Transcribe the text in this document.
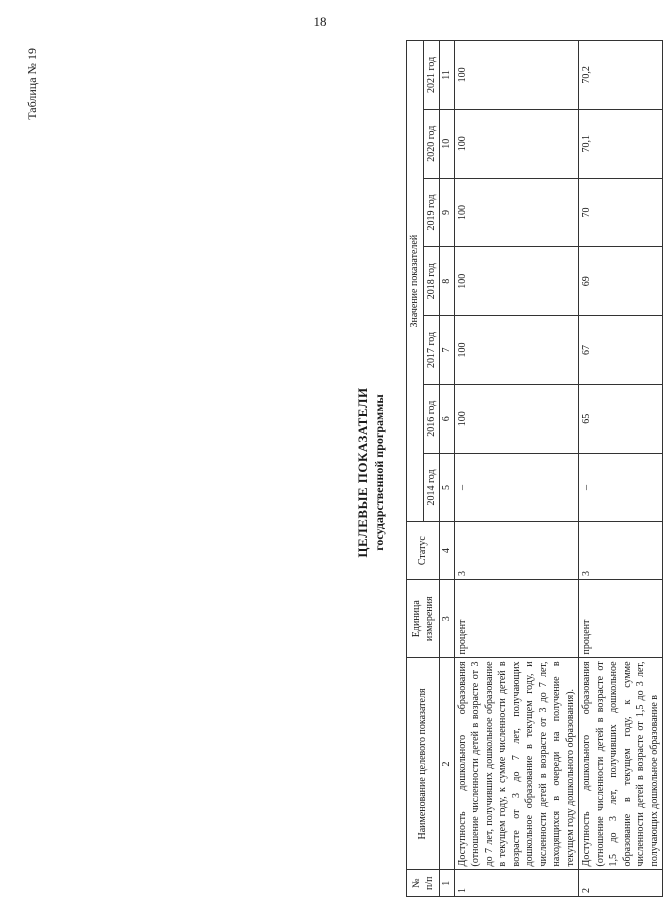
18
Таблица № 19
ЦЕЛЕВЫЕ ПОКАЗАТЕЛИ государственной программы
№ п/п	Наименование целевого показателя	Единица измерения	Статус	Значение показателей						
				2014 год	2016 год	2017 год	2018 год	2019 год	2020 год	2021 год
1	2	3	4	5	6	7	8	9	10	11
1	Доступность дошкольного образования (отношение численности детей в возрасте от 3 до 7 лет, получивших дошкольное образование в текущем году, к сумме численности детей в возрасте от 3 до 7 лет, получающих дошкольное образование в текущем году, и численности детей в возрасте от 3 до 7 лет, находящихся в очереди на получение в текущем году дошкольного образования).	процент	3	–	100	100	100	100	100	100
2	Доступность дошкольного образования (отношение численности детей в возрасте от 1,5 до 3 лет, получивших дошкольное образование в текущем году, к сумме численности детей в возрасте от 1,5 до 3 лет, получающих дошкольное образование в	процент	3	–	65	67	69	70	70,1	70,2
